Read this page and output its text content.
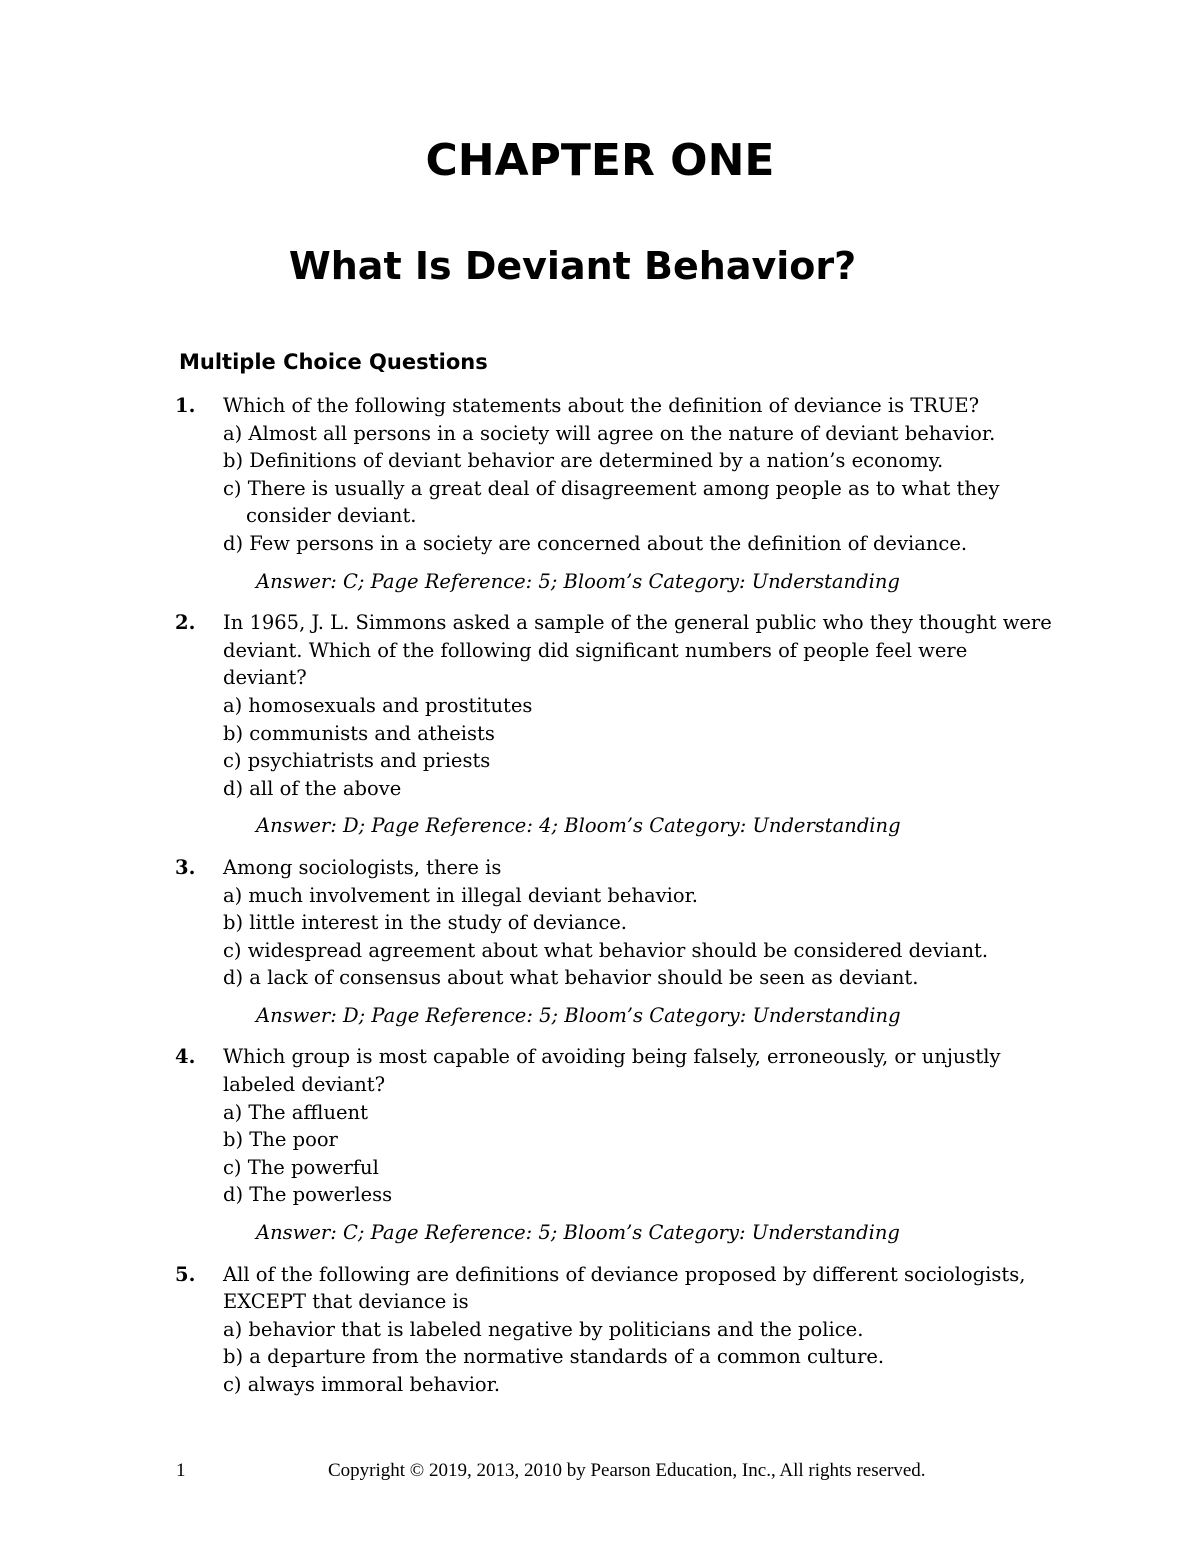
CHAPTER ONE
What Is Deviant Behavior?
Multiple Choice Questions
1. Which of the following statements about the definition of deviance is TRUE?
a) Almost all persons in a society will agree on the nature of deviant behavior.
b) Definitions of deviant behavior are determined by a nation’s economy.
c) There is usually a great deal of disagreement among people as to what they
consider deviant.
d) Few persons in a society are concerned about the definition of deviance.
Answer: C; Page Reference: 5; Bloom’s Category: Understanding
2. In 1965, J. L. Simmons asked a sample of the general public who they thought were deviant. Which of the following did significant numbers of people feel were deviant?
a) homosexuals and prostitutes
b) communists and atheists
c) psychiatrists and priests
d) all of the above
Answer: D; Page Reference: 4; Bloom’s Category: Understanding
3. Among sociologists, there is
a) much involvement in illegal deviant behavior.
b) little interest in the study of deviance.
c) widespread agreement about what behavior should be considered deviant.
d) a lack of consensus about what behavior should be seen as deviant.
Answer: D; Page Reference: 5; Bloom’s Category: Understanding
4. Which group is most capable of avoiding being falsely, erroneously, or unjustly labeled deviant?
a) The affluent
b) The poor
c) The powerful
d) The powerless
Answer: C; Page Reference: 5; Bloom’s Category: Understanding
5. All of the following are definitions of deviance proposed by different sociologists, EXCEPT that deviance is
a) behavior that is labeled negative by politicians and the police.
b) a departure from the normative standards of a common culture.
c) always immoral behavior.
1	Copyright © 2019, 2013, 2010 by Pearson Education, Inc., All rights reserved.
